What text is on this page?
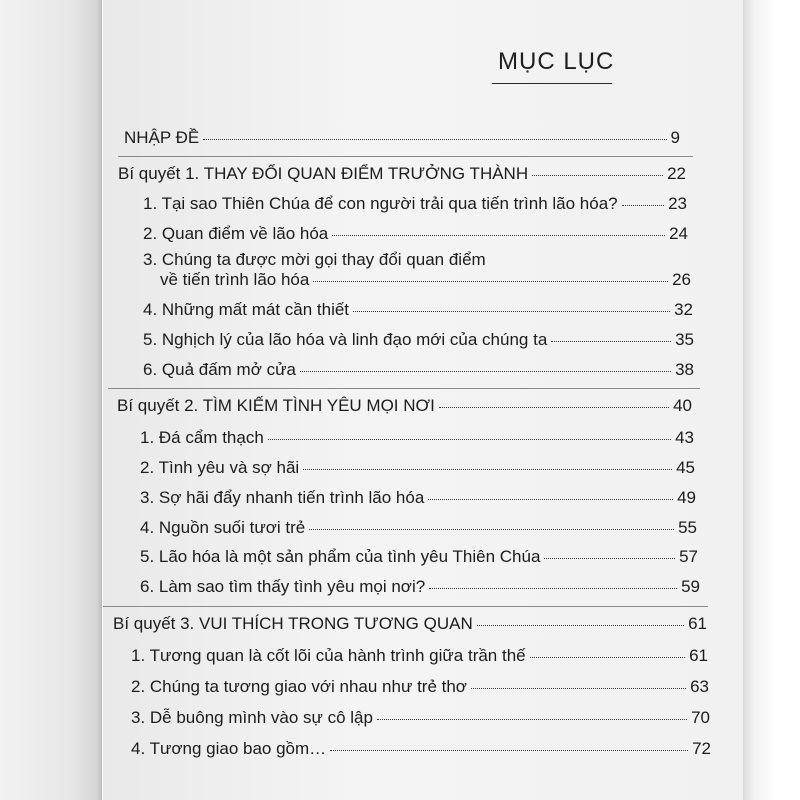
MỤC LỤC
NHẬP ĐỀ	9
Bí quyết 1. THAY ĐỔI QUAN ĐIỂM TRƯỞNG THÀNH	22
1. Tại sao Thiên Chúa để con người trải qua tiến trình lão hóa?	23
2. Quan điểm về lão hóa	24
3. Chúng ta được mời gọi thay đổi quan điểm
về tiến trình lão hóa	26
4. Những mất mát cần thiết	32
5. Nghịch lý của lão hóa và linh đạo mới của chúng ta	35
6. Quả đấm mở cửa	38
Bí quyết 2. TÌM KIẾM TÌNH YÊU MỌI NƠI	40
1. Đá cẩm thạch	43
2. Tình yêu và sợ hãi	45
3. Sợ hãi đẩy nhanh tiến trình lão hóa	49
4. Nguồn suối tươi trẻ	55
5. Lão hóa là một sản phẩm của tình yêu Thiên Chúa	57
6. Làm sao tìm thấy tình yêu mọi nơi?	59
Bí quyết 3. VUI THÍCH TRONG TƯƠNG QUAN	61
1. Tương quan là cốt lõi của hành trình giữa trần thế	61
2. Chúng ta tương giao với nhau như trẻ thơ	63
3. Dễ buông mình vào sự cô lập	70
4. Tương giao bao gồm…	72
